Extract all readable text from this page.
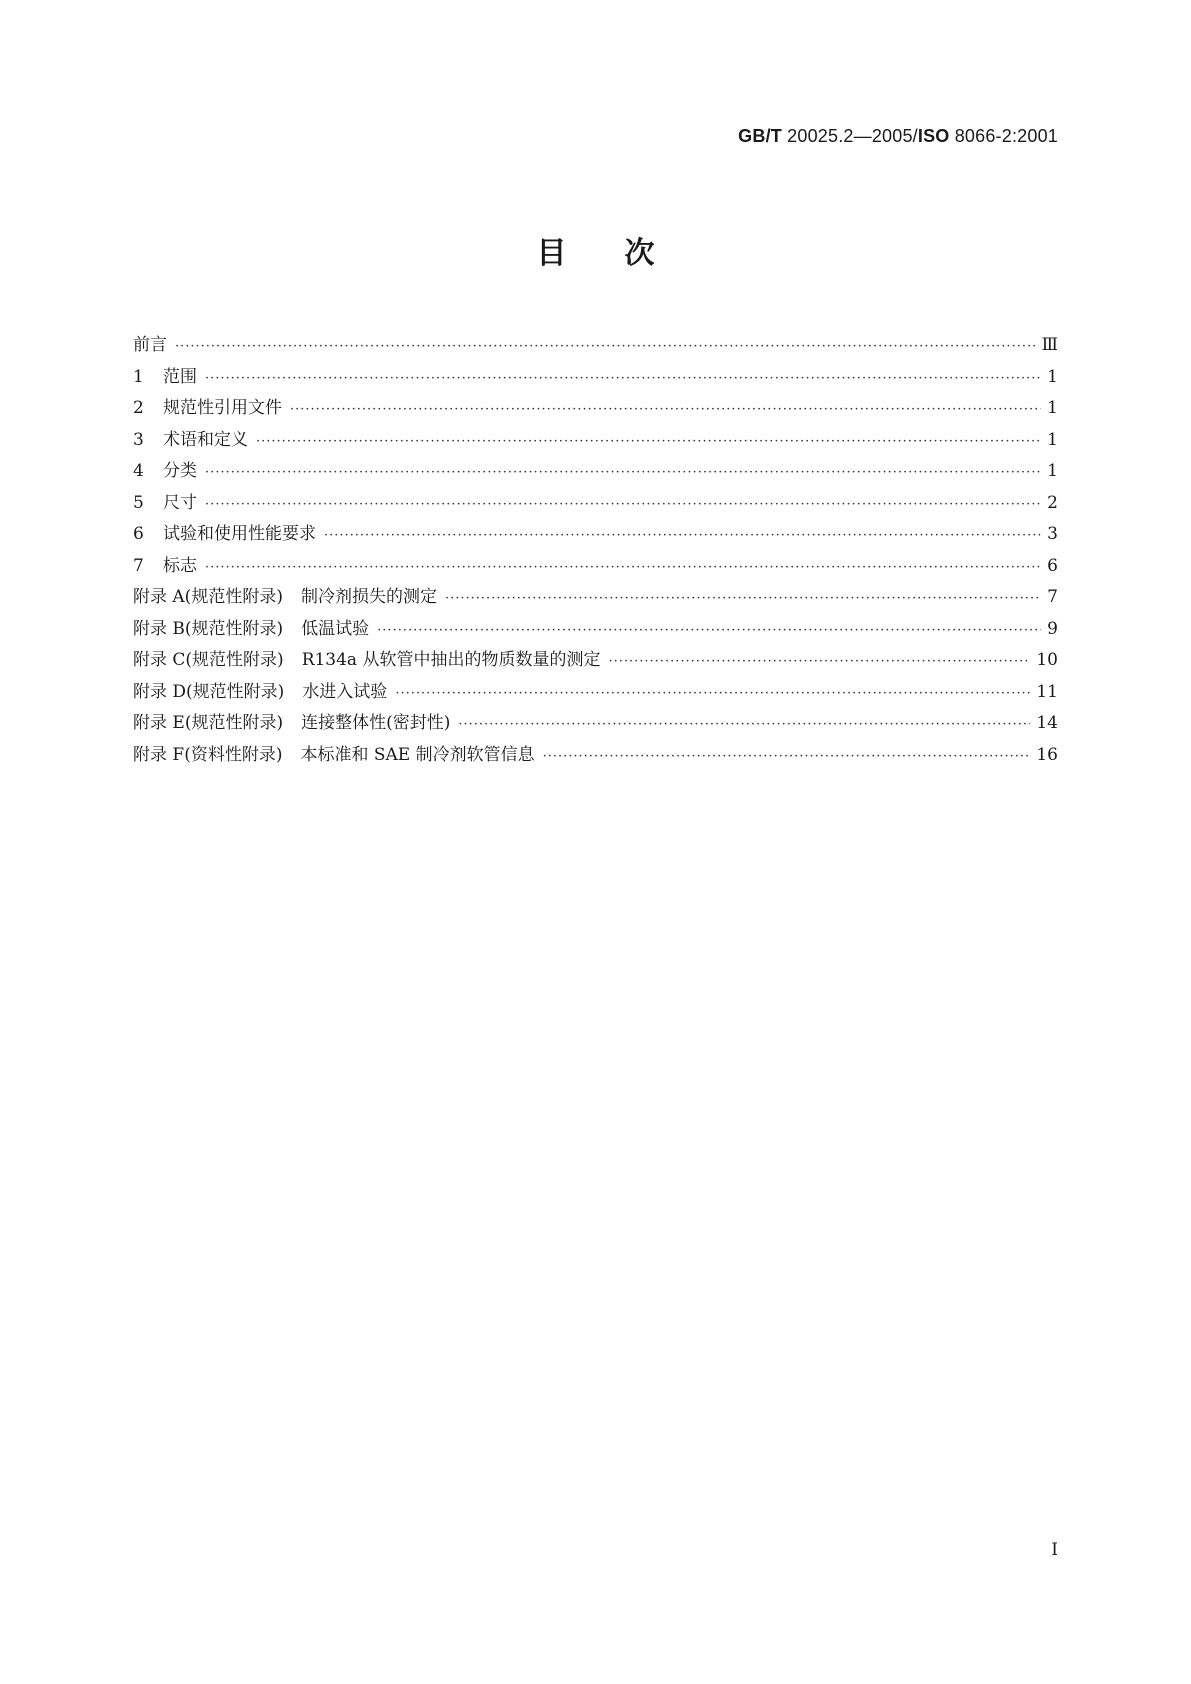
GB/T 20025.2—2005/ISO 8066-2:2001
目次
前言 ·····	Ⅲ
1	范围 ·····	1
2	规范性引用文件 ·····	1
3	术语和定义 ·····	1
4	分类 ·····	1
5	尺寸 ·····	2
6	试验和使用性能要求 ·····	3
7	标志 ·····	6
附录 A(规范性附录) 制冷剂损失的测定 ·····	7
附录 B(规范性附录) 低温试验 ·····	9
附录 C(规范性附录) R134a 从软管中抽出的物质数量的测定 ·····	10
附录 D(规范性附录) 水进入试验 ·····	11
附录 E(规范性附录) 连接整体性(密封性) ·····	14
附录 F(资料性附录) 本标准和 SAE 制冷剂软管信息 ·····	16
I
